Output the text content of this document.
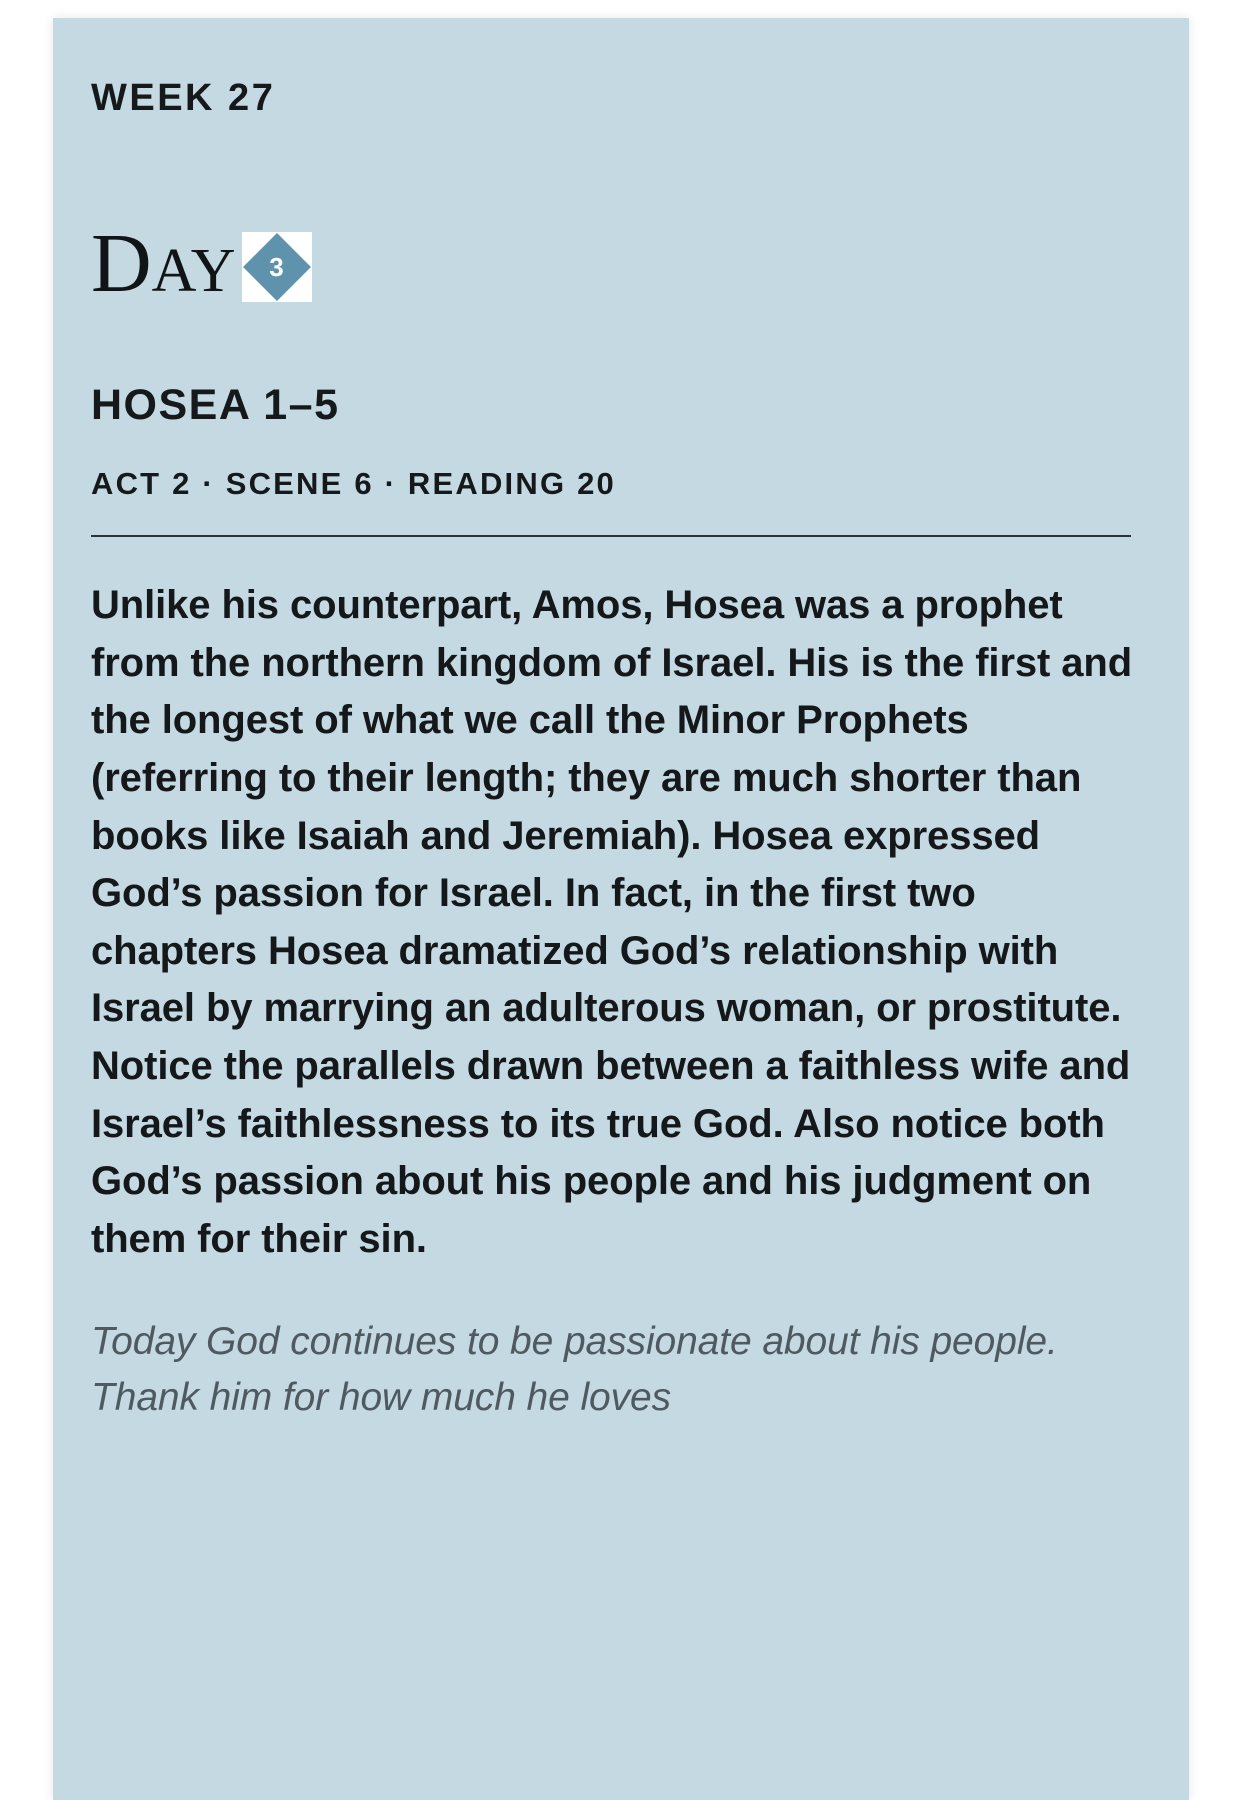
WEEK 27
DAY	3
HOSEA 1–5
ACT 2 · SCENE 6 · READING 20
Unlike his counterpart, Amos, Hosea was a prophet from the northern kingdom of Israel. His is the first and the longest of what we call the Minor Prophets (referring to their length; they are much shorter than books like Isaiah and Jeremiah). Hosea expressed God’s passion for Israel. In fact, in the first two chapters Hosea dramatized God’s relationship with Israel by marrying an adulterous woman, or prostitute. Notice the parallels drawn between a faithless wife and Israel’s faithlessness to its true God. Also notice both God’s passion about his people and his judgment on them for their sin.
Today God continues to be passionate about his people. Thank him for how much he loves
